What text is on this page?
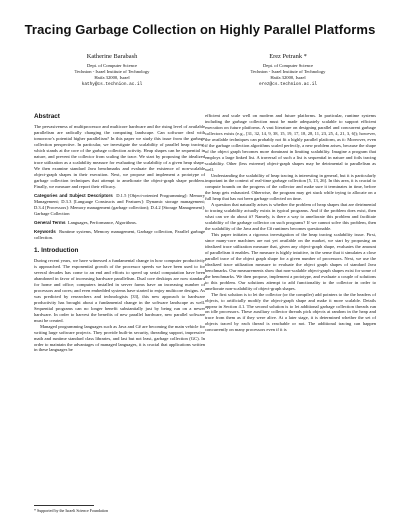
Tracing Garbage Collection on Highly Parallel Platforms
Katherine Barabash
Dept. of Computer Science
Technion - Israel Institute of Technology
Haifa 32000, Israel
kathy@cs.technion.ac.il
Erez Petrank *
Dept. of Computer Science
Technion - Israel Institute of Technology
Haifa 32000, Israel
erez@cs.technion.ac.il
Abstract

The pervasiveness of multiprocessor and multicore hardware and the rising level of available parallelism are radically changing the computing landscape. Can software deal with tomorrow's potential higher parallelism? In this paper we study this issue from the garbage collection perspective. In particular, we investigate the scalability of parallel heap tracing, which stands at the core of the garbage collection activity. Heap shapes can be sequential in nature, and prevent the collector from scaling the trace. We start by proposing the idealized trace utilization as a scalability measure for evaluating the scalability of a given heap shape. We then examine standard Java benchmarks and evaluate the existence of non-scalable object-graph shapes in their execution. Next, we propose and implement a prototype of garbage collection techniques that attempt to ameliorate the object-graph shape problem. Finally, we measure and report their efficacy.

Categories and Subject Descriptors D.1.5 [Object-oriented Programming]: Memory Management; D.3.3 [Language Constructs and Features]: Dynamic storage management; D.3.4 [Processors]: Memory management (garbage collection); D.4.2 [Storage Management]: Garbage Collection

General Terms Languages, Performance, Algorithms.

Keywords Runtime systems, Memory management, Garbage collection, Parallel garbage collection.

1. Introduction

During recent years, we have witnessed a fundamental change in how computer productivity is approached. The exponential growth of the processor speeds we have been used to for several decades has come to an end and efforts to speed up serial computation have been abandoned in favor of increasing hardware parallelism. Dual core desktops are now standard for home and office; computers installed in server farms have an increasing number of processors and cores; and even embedded systems have started to enjoy multicore designs. As was predicted by researchers and technologists [33], this new approach to hardware productivity has brought about a fundamental change in the software landscape as well. Sequential programs can no longer benefit substantially just by being run on a newer hardware. In order to harvest the benefits of new parallel hardware, new parallel software must be created.

Managed programming languages such as Java and C# are becoming the main vehicle for writing large software projects. They provide built-in security, threading support, impressive math and runtime standard class libraries, and last but not least, garbage collection (GC). In order to maintain the advantages of managed languages, it is crucial that applications written in these languages be

efficient and scale well on modern and future platforms. In particular, runtime systems including the garbage collection must be made adequately scalable to support efficient execution on future platforms. A vast literature on designing parallel and concurrent garbage collectors exists (e.g., [31, 32, 14, 9, 38, 15, 19, 17, 18, 28, 11, 23, 25, 4, 21, 3, 6]); however, the available techniques can probably not fit a highly parallel platform, as it: Moreover, even if the garbage collection algorithms scaled perfectly, a new problem arises, because the shape of the object graph becomes more dominant in limiting scalability. Imagine a program that employs a large linked list. A traversal of such a list is sequential in nature and foils tracing scalability. Other (less extreme) object-graph shapes may be detrimental to parallelism as well.

Understanding the scalability of heap tracing is interesting in general, but it is particularly important in the context of real-time garbage collection [5, 13, 26]. In this area, it is crucial to compute bounds on the progress of the collector and make sure it terminates in time, before the heap gets exhausted. Otherwise, the program may get stuck while trying to allocate on a full heap that has not been garbage collected on time.

A question that naturally arises is whether the problem of heap shapes that are detrimental to tracing scalability actually exists in typical programs. And if the problem does exist, then what can we do about it? Namely, is there a way to ameliorate this problem and facilitate scalability of the garbage collector on such programs? If we cannot solve this problem, then the scalability of the Java and the C# runtimes becomes questionable.

This paper initiates a rigorous investigation of the heap tracing scalability issue. First, since many-core machines are not yet available on the market, we start by proposing an idealized trace utilization measure that, given any object-graph shape, evaluates the amount of parallelism it enables. The measure is highly intuitive, in the sense that it simulates a close parallel trace of the object graph shape for a given number of processors. Next, we use the idealized trace utilization measure to evaluate the object graph shapes of standard Java benchmarks. Our measurements show that non-scalable object-graph shapes exist for some of the benchmarks. We then propose, implement a prototype, and evaluate a couple of solutions to this problem. Our solutions attempt to add functionality to the collector in order to ameliorate non-scalability of object-graph shapes.

The first solution is to let the collector (or the compiler) add pointers to the the headers of objects, to artificially modify the object-graph shape and make it more scalable. Details appear in Section 4.1. The second solution is to let additional garbage collection threads run on idle processors. These auxiliary collector threads pick objects at random in the heap and trace from them as if they were alive. At a later stage, it is determined whether the set of objects traced by each thread is reachable or not. The additional tracing can happen concurrently on many processors even if it is

* Supported by the Israeli Science Foundation
